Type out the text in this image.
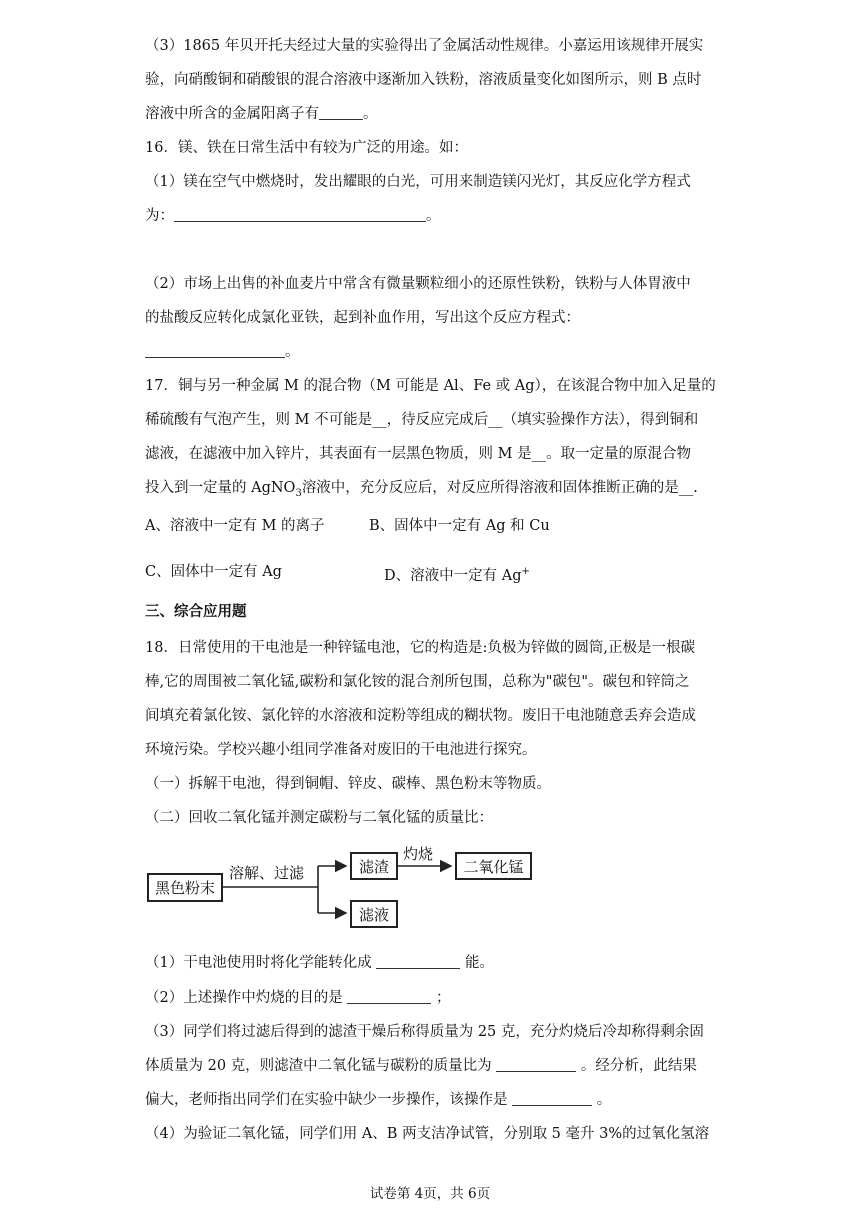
（3）1865 年贝开托夫经过大量的实验得出了金属活动性规律。小嘉运用该规律开展实
验，向硝酸铜和硝酸银的混合溶液中逐渐加入铁粉，溶液质量变化如图所示，则 B 点时
溶液中所含的金属阳离子有	。
16．镁、铁在日常生活中有较为广泛的用途。如：
（1）镁在空气中燃烧时，发出耀眼的白光，可用来制造镁闪光灯，其反应化学方程式
为：	。
（2）市场上出售的补血麦片中常含有微量颗粒细小的还原性铁粉，铁粉与人体胃液中
的盐酸反应转化成氯化亚铁，起到补血作用，写出这个反应方程式：
。
17．铜与另一种金属 M 的混合物（M 可能是 Al、Fe 或 Ag），在该混合物中加入足量的
稀硫酸有气泡产生，则 M 不可能是__，待反应完成后__（填实验操作方法），得到铜和
滤液，在滤液中加入锌片，其表面有一层黑色物质，则 M 是__。取一定量的原混合物
投入到一定量的 AgNO$_3$溶液中，充分反应后，对反应所得溶液和固体推断正确的是__.
A、溶液中一定有 M 的离子	B、固体中一定有 Ag 和 Cu
C、固体中一定有 Ag	D、溶液中一定有 Ag+
三、综合应用题
18．日常使用的干电池是一种锌锰电池，它的构造是:负极为锌做的圆筒,正极是一根碳
棒,它的周围被二氧化锰,碳粉和氯化铵的混合剂所包围，总称为"碳包"。碳包和锌筒之
间填充着氯化铵、氯化锌的水溶液和淀粉等组成的糊状物。废旧干电池随意丢弃会造成
环境污染。学校兴趣小组同学准备对废旧的干电池进行探究。
（一）拆解干电池，得到铜帽、锌皮、碳棒、黑色粉末等物质。
（二）回收二氧化锰并测定碳粉与二氧化锰的质量比：
黑色粉末
溶解、过滤	滤渣
灼烧
二氧化锰
滤液
（1）干电池使用时将化学能转化成	能。
（2）上述操作中灼烧的目的是	；
（3）同学们将过滤后得到的滤渣干燥后称得质量为 25 克，充分灼烧后冷却称得剩余固
体质量为 20 克，则滤渣中二氧化锰与碳粉的质量比为	。经分析，此结果
偏大，老师指出同学们在实验中缺少一步操作，该操作是	。
（4）为验证二氧化锰，同学们用 A、B 两支洁净试管，分别取 5 毫升 3%的过氧化氢溶
试卷第 4页，共 6页
